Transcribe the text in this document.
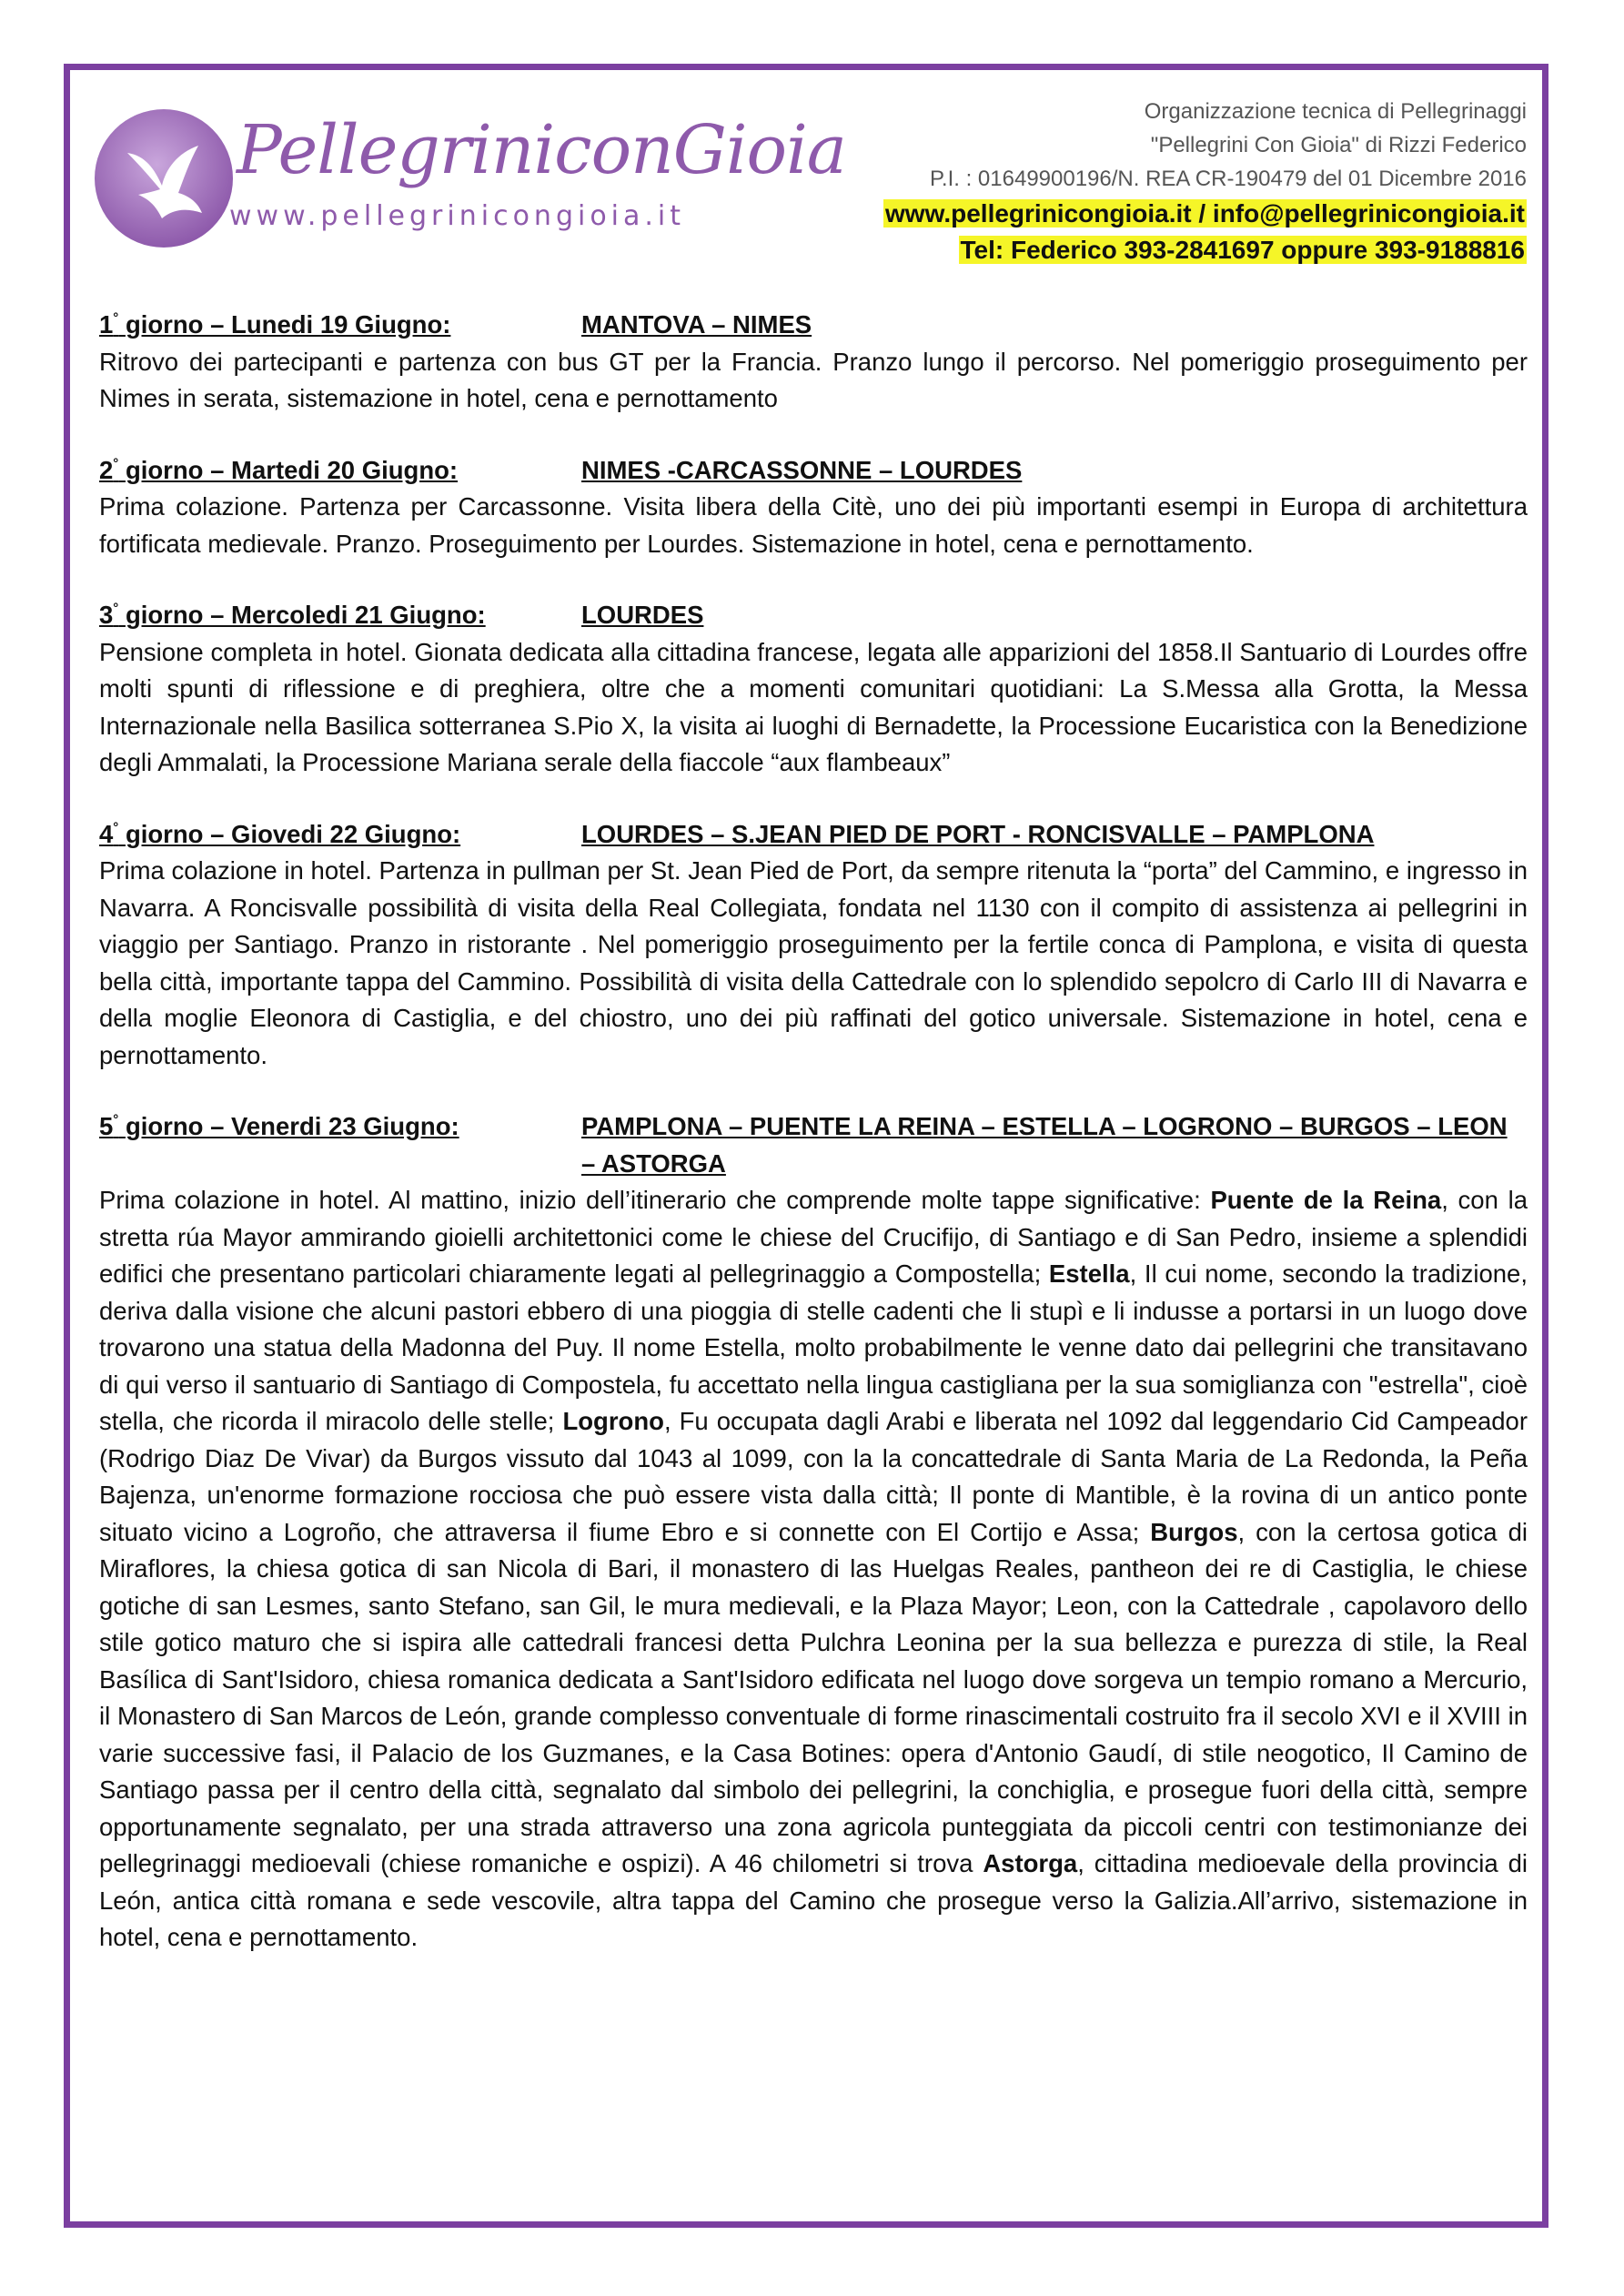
PellegriniconGioia
www.pellegrinicongioia.it
Organizzazione tecnica di Pellegrinaggi
"Pellegrini Con Gioia" di Rizzi Federico
P.I. : 01649900196/N. REA CR-190479 del 01 Dicembre 2016
www.pellegrinicongioia.it / info@pellegrinicongioia.it
Tel: Federico 393-2841697 oppure 393-9188816
1° giorno – Lunedi 19 Giugno:	MANTOVA – NIMES

Ritrovo dei partecipanti e partenza con bus GT per la Francia. Pranzo lungo il percorso. Nel pomeriggio proseguimento per Nimes in serata, sistemazione in hotel, cena e pernottamento

2° giorno – Martedi 20 Giugno:	NIMES -CARCASSONNE – LOURDES

Prima colazione. Partenza per Carcassonne. Visita libera della Citè, uno dei più importanti esempi in Europa di architettura fortificata medievale. Pranzo. Proseguimento per Lourdes. Sistemazione in hotel, cena e pernottamento.

3° giorno – Mercoledi 21 Giugno:	LOURDES

Pensione completa in hotel. Gionata dedicata alla cittadina francese, legata alle apparizioni del 1858.Il Santuario di Lourdes offre molti spunti di riflessione e di preghiera, oltre che a momenti comunitari quotidiani: La S.Messa alla Grotta, la Messa Internazionale nella Basilica sotterranea S.Pio X, la visita ai luoghi di Bernadette, la Processione Eucaristica con la Benedizione degli Ammalati, la Processione Mariana serale della fiaccole “aux flambeaux”

4° giorno – Giovedi 22 Giugno:	LOURDES – S.JEAN PIED DE PORT - RONCISVALLE – PAMPLONA

Prima colazione in hotel. Partenza in pullman per St. Jean Pied de Port, da sempre ritenuta la “porta” del Cammino, e ingresso in Navarra. A Roncisvalle possibilità di visita della Real Collegiata, fondata nel 1130 con il compito di assistenza ai pellegrini in viaggio per Santiago. Pranzo in ristorante . Nel pomeriggio proseguimento per la fertile conca di Pamplona, e visita di questa bella città, importante tappa del Cammino. Possibilità di visita della Cattedrale con lo splendido sepolcro di Carlo III di Navarra e della moglie Eleonora di Castiglia, e del chiostro, uno dei più raffinati del gotico universale. Sistemazione in hotel, cena e pernottamento.

5° giorno – Venerdi 23 Giugno:	PAMPLONA – PUENTE LA REINA – ESTELLA – LOGRONO – BURGOS – LEON – ASTORGA

Prima colazione in hotel. Al mattino, inizio dell’itinerario che comprende molte tappe significative: Puente de la Reina, con la stretta rúa Mayor ammirando gioielli architettonici come le chiese del Crucifijo, di Santiago e di San Pedro, insieme a splendidi edifici che presentano particolari chiaramente legati al pellegrinaggio a Compostella; Estella, Il cui nome, secondo la tradizione, deriva dalla visione che alcuni pastori ebbero di una pioggia di stelle cadenti che li stupì e li indusse a portarsi in un luogo dove trovarono una statua della Madonna del Puy. Il nome Estella, molto probabilmente le venne dato dai pellegrini che transitavano di qui verso il santuario di Santiago di Compostela, fu accettato nella lingua castigliana per la sua somiglianza con "estrella", cioè stella, che ricorda il miracolo delle stelle; Logrono, Fu occupata dagli Arabi e liberata nel 1092 dal leggendario Cid Campeador (Rodrigo Diaz De Vivar) da Burgos vissuto dal 1043 al 1099, con la la concattedrale di Santa Maria de La Redonda, la Peña Bajenza, un'enorme formazione rocciosa che può essere vista dalla città; Il ponte di Mantible, è la rovina di un antico ponte situato vicino a Logroño, che attraversa il fiume Ebro e si connette con El Cortijo e Assa; Burgos, con la certosa gotica di Miraflores, la chiesa gotica di san Nicola di Bari, il monastero di las Huelgas Reales, pantheon dei re di Castiglia, le chiese gotiche di san Lesmes, santo Stefano, san Gil, le mura medievali, e la Plaza Mayor; Leon, con la Cattedrale , capolavoro dello stile gotico maturo che si ispira alle cattedrali francesi detta Pulchra Leonina per la sua bellezza e purezza di stile, la Real Basílica di Sant'Isidoro, chiesa romanica dedicata a Sant'Isidoro edificata nel luogo dove sorgeva un tempio romano a Mercurio, il Monastero di San Marcos de León, grande complesso conventuale di forme rinascimentali costruito fra il secolo XVI e il XVIII in varie successive fasi, il Palacio de los Guzmanes, e la Casa Botines: opera d'Antonio Gaudí, di stile neogotico, Il Camino de Santiago passa per il centro della città, segnalato dal simbolo dei pellegrini, la conchiglia, e prosegue fuori della città, sempre opportunamente segnalato, per una strada attraverso una zona agricola punteggiata da piccoli centri con testimonianze dei pellegrinaggi medioevali (chiese romaniche e ospizi). A 46 chilometri si trova Astorga, cittadina medioevale della provincia di León, antica città romana e sede vescovile, altra tappa del Camino che prosegue verso la Galizia.All’arrivo, sistemazione in hotel, cena e pernottamento.
